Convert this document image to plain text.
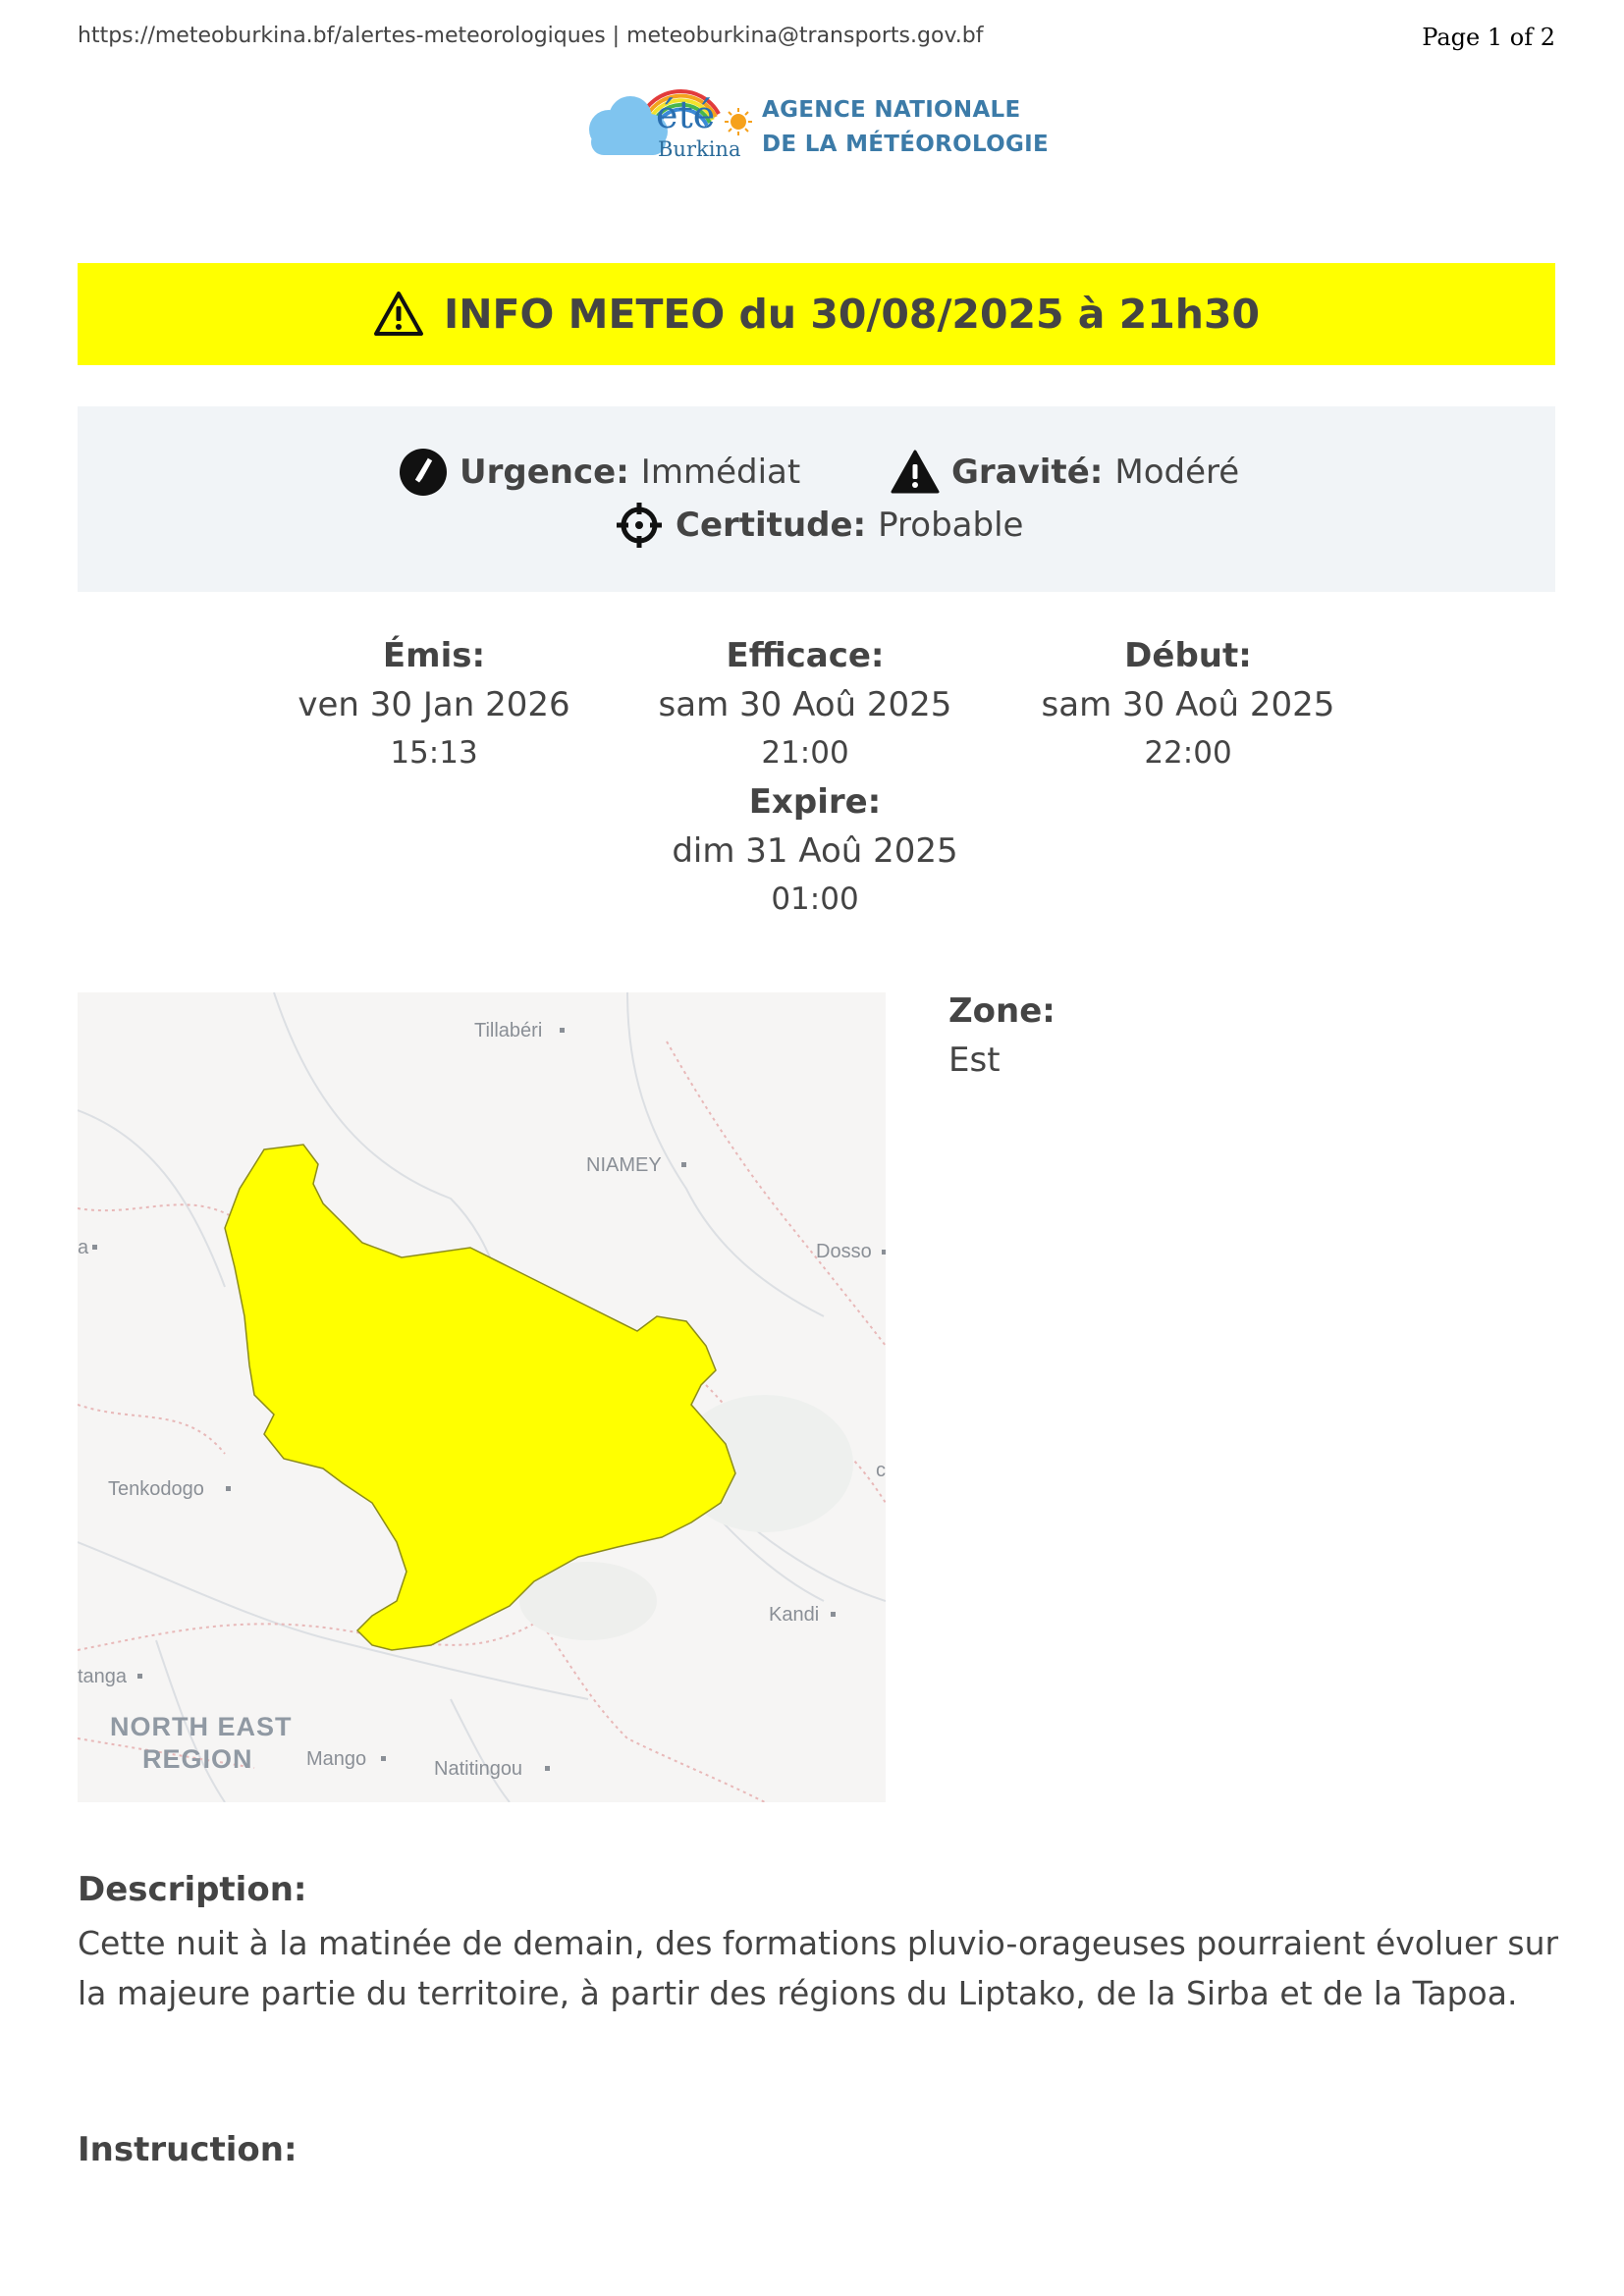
https://meteoburkina.bf/alertes-meteorologiques | meteoburkina@transports.gov.bf	Page 1 of 2
été
Burkina
AGENCE NATIONALE
DE LA MÉTÉOROLOGIE
INFO METEO du 30/08/2025 à 21h30
Urgence: Immédiat	Gravité: Modéré
Certitude: Probable
Émis:
ven 30 Jan 2026
15:13
Efficace:
sam 30 Aoû 2025
21:00
Début:
sam 30 Aoû 2025
22:00
Expire:
dim 31 Aoû 2025
01:00
Tillabéri
NIAMEY
Dosso
a
c
Tenkodogo
Kandi
tanga
NORTH EAST
REGION	Mango	Natitingou
Zone:
Est
Description:
Cette nuit à la matinée de demain, des formations pluvio-orageuses pourraient évoluer sur la majeure partie du territoire, à partir des régions du Liptako, de la Sirba et de la Tapoa.
Instruction:
